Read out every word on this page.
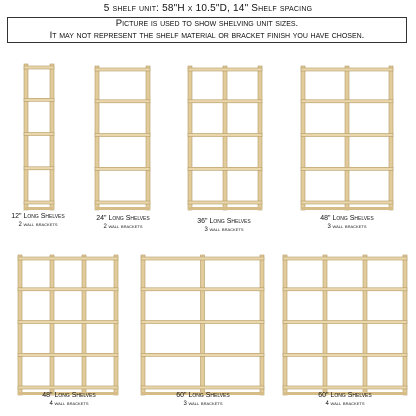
5 shelf unit: 58"H x 10.5"D, 14" Shelf spacing
Picture is used to show shelving unit sizes.
It may not represent the shelf material or bracket finish you have chosen.
12" Long Shelves
2 wall brackets
24" Long Shelves
2 wall brackets
36" Long Shelves
3 wall brackets
48" Long Shelves
3 wall brackets
48" Long Shelves
4 wall brackets
60" Long Shelves
3 wall brackets
60" Long Shelves
4 wall brackets
